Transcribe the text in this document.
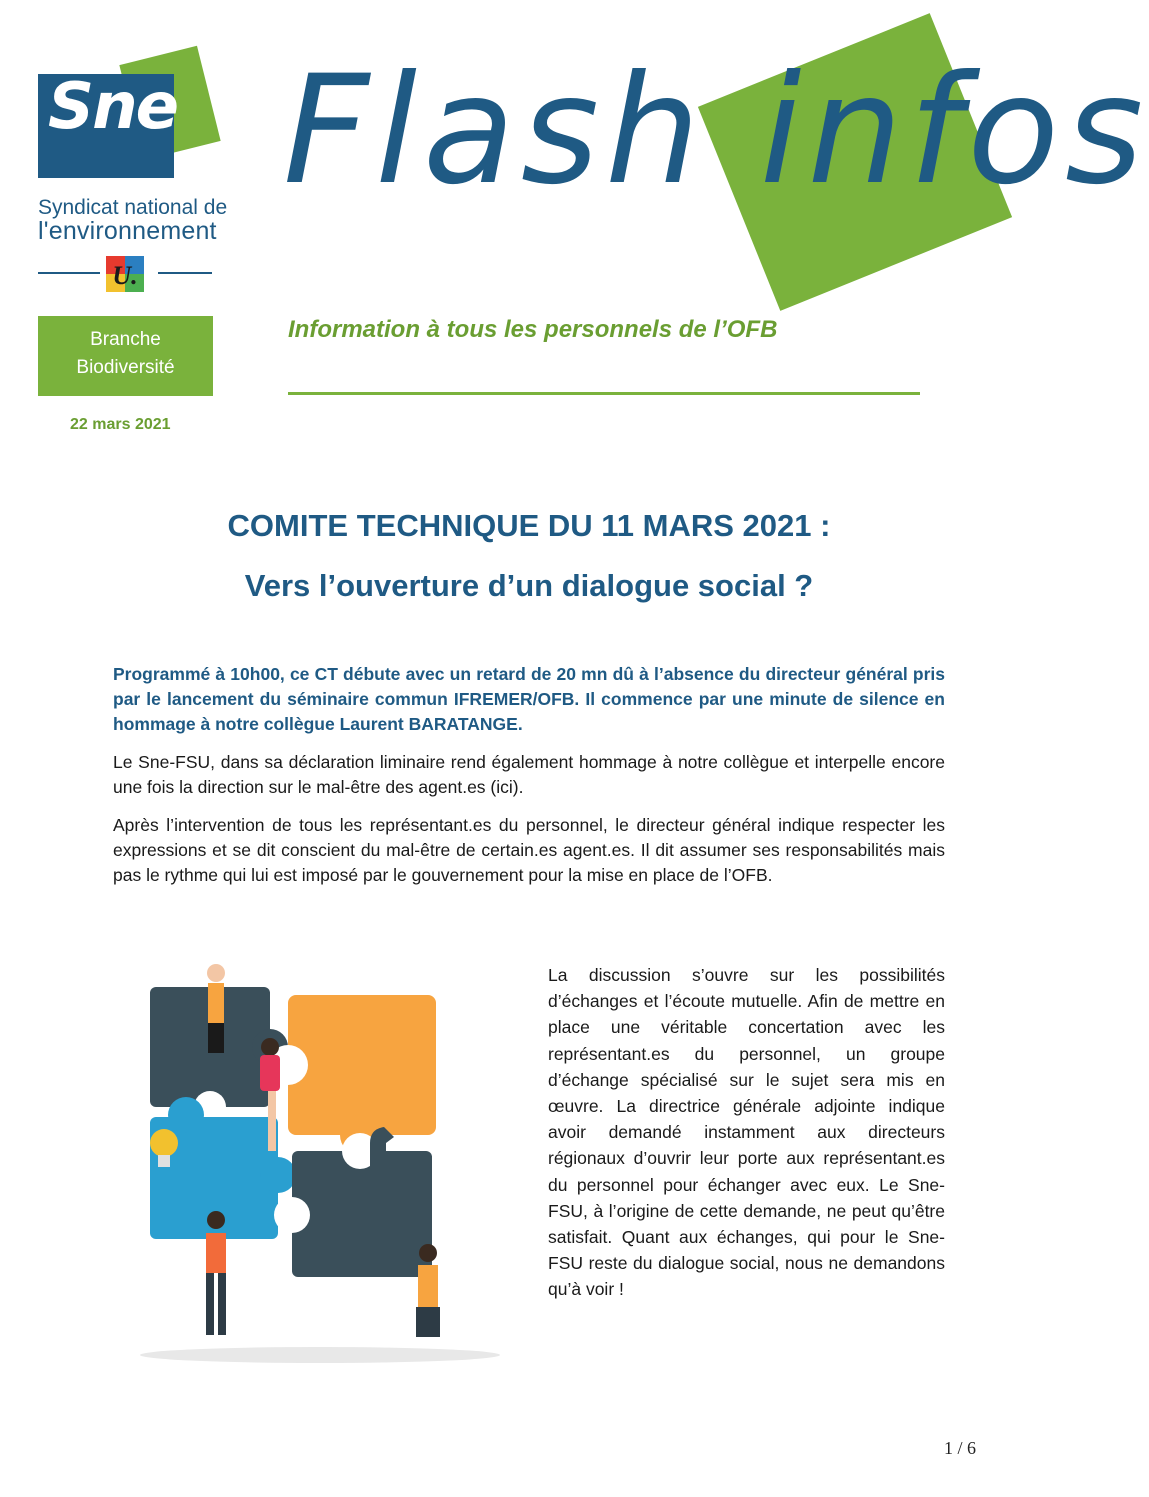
Sne
Syndicat national de
l'environnement
U.
Flash infos
Branche
Biodiversité
22 mars 2021
Information à tous les personnels de l’OFB
COMITE TECHNIQUE DU 11 MARS 2021 :
Vers l’ouverture d’un dialogue social ?
Programmé à 10h00, ce CT débute avec un retard de 20 mn dû à l’absence du directeur général pris par le lancement du séminaire commun IFREMER/OFB. Il commence par une minute de silence en hommage à notre collègue Laurent BARATANGE.
Le Sne-FSU, dans sa déclaration liminaire rend également hommage à notre collègue et interpelle encore une fois la direction sur le mal-être des agent.es (ici).
Après l’intervention de tous les représentant.es du personnel, le directeur général indique respecter les expressions et se dit conscient du mal-être de certain.es agent.es. Il dit assumer ses responsabilités mais pas le rythme qui lui est imposé par le gouvernement pour la mise en place de l’OFB.
La discussion s’ouvre sur les possibilités d’échanges et l’écoute mutuelle. Afin de mettre en place une véritable concertation avec les représentant.es du personnel, un groupe d’échange spécialisé sur le sujet sera mis en œuvre. La directrice générale adjointe indique avoir demandé instamment aux directeurs régionaux d’ouvrir leur porte aux représentant.es du personnel pour échanger avec eux. Le Sne-FSU, à l’origine de cette demande, ne peut qu’être satisfait. Quant aux échanges, qui pour le Sne-FSU reste du dialogue social, nous ne demandons qu’à voir !
1 / 6
